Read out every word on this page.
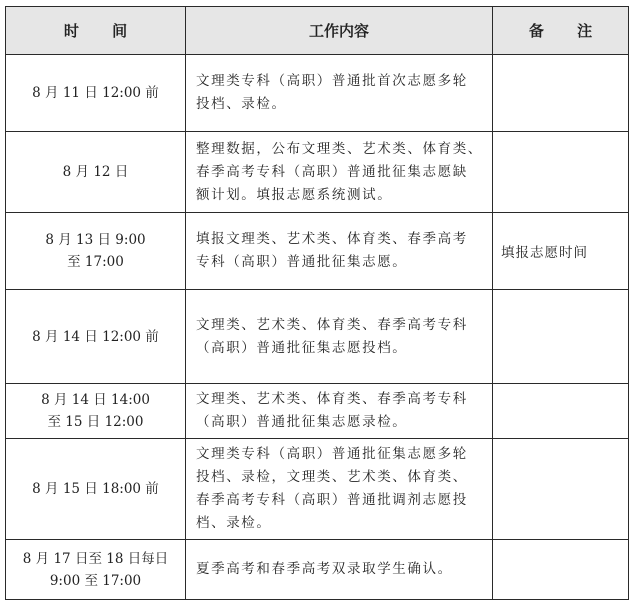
时 间	工作内容	备 注

8 月 11 日 12:00 前	文理类专科（高职）普通批首次志愿多轮
投档、录检。	

8 月 12 日	整理数据，公布文理类、艺术类、体育类、
春季高考专科（高职）普通批征集志愿缺
额计划。填报志愿系统测试。	

8 月 13 日 9:00
至 17:00	填报文理类、艺术类、体育类、春季高考
专科（高职）普通批征集志愿。	填报志愿时间

8 月 14 日 12:00 前	文理类、艺术类、体育类、春季高考专科
（高职）普通批征集志愿投档。	

8 月 14 日 14:00
至 15 日 12:00	文理类、艺术类、体育类、春季高考专科
（高职）普通批征集志愿录检。	

8 月 15 日 18:00 前	文理类专科（高职）普通批征集志愿多轮
投档、录检，文理类、艺术类、体育类、
春季高考专科（高职）普通批调剂志愿投
档、录检。	

8 月 17 日至 18 日每日
9:00 至 17:00	夏季高考和春季高考双录取学生确认。	
